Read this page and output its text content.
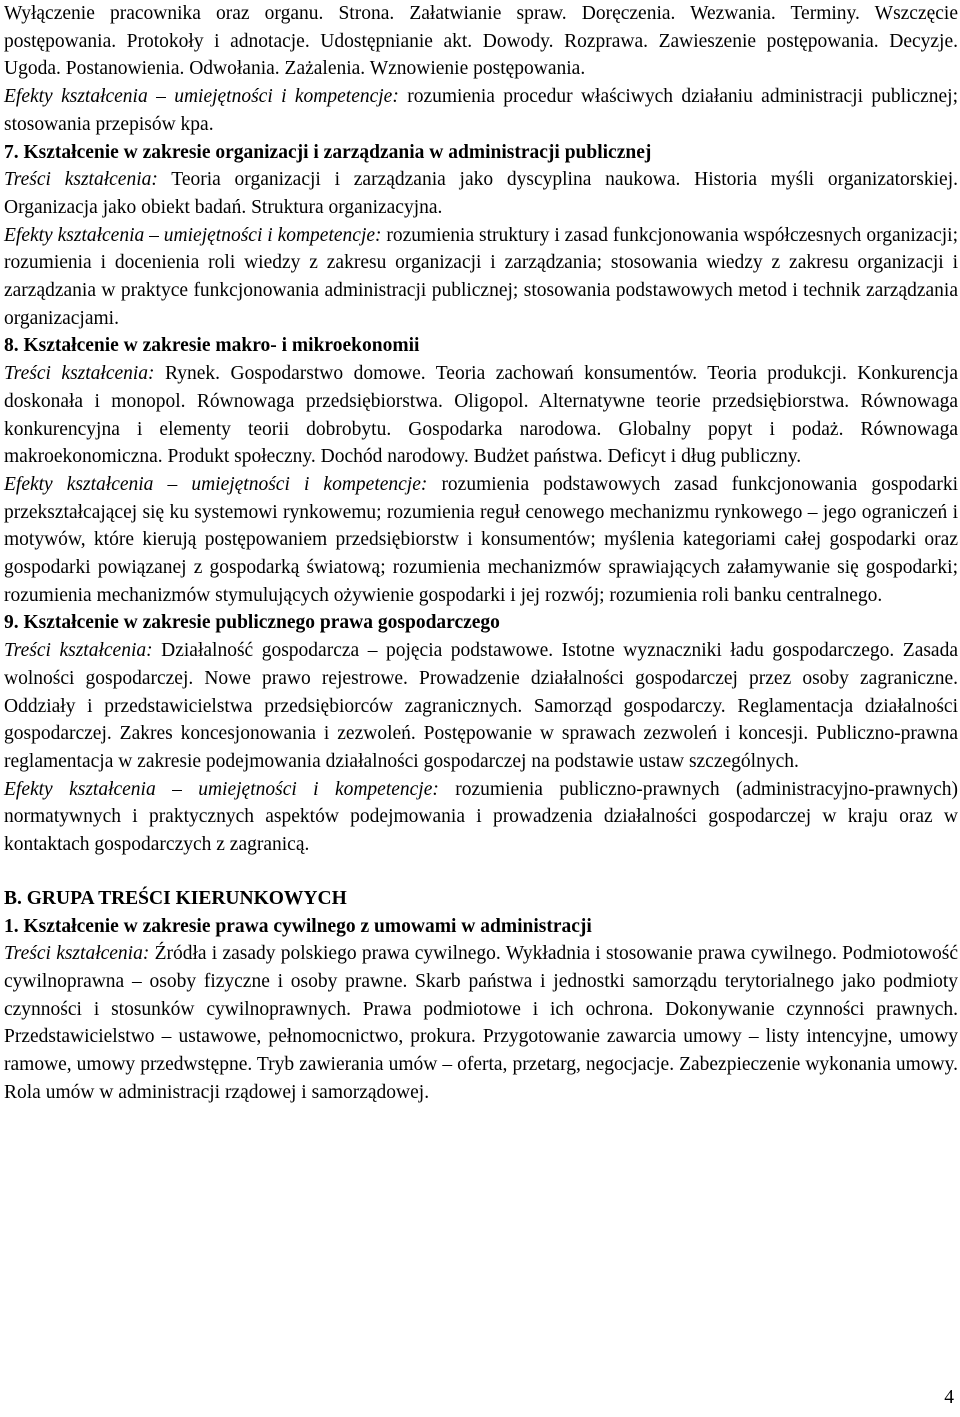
Wyłączenie pracownika oraz organu. Strona. Załatwianie spraw. Doręczenia. Wezwania. Terminy. Wszczęcie postępowania. Protokoły i adnotacje. Udostępnianie akt. Dowody. Rozprawa. Zawieszenie postępowania. Decyzje. Ugoda. Postanowienia. Odwołania. Zażalenia. Wznowienie postępowania.

Efekty kształcenia – umiejętności i kompetencje: rozumienia procedur właściwych działaniu administracji publicznej; stosowania przepisów kpa.

7. Kształcenie w zakresie organizacji i zarządzania w administracji publicznej

Treści kształcenia: Teoria organizacji i zarządzania jako dyscyplina naukowa. Historia myśli organizatorskiej. Organizacja jako obiekt badań. Struktura organizacyjna.

Efekty kształcenia – umiejętności i kompetencje: rozumienia struktury i zasad funkcjonowania współczesnych organizacji; rozumienia i docenienia roli wiedzy z zakresu organizacji i zarządzania; stosowania wiedzy z zakresu organizacji i zarządzania w praktyce funkcjonowania administracji publicznej; stosowania podstawowych metod i technik zarządzania organizacjami.

8. Kształcenie w zakresie makro- i mikroekonomii

Treści kształcenia: Rynek. Gospodarstwo domowe. Teoria zachowań konsumentów. Teoria produkcji. Konkurencja doskonała i monopol. Równowaga przedsiębiorstwa. Oligopol. Alternatywne teorie przedsiębiorstwa. Równowaga konkurencyjna i elementy teorii dobrobytu. Gospodarka narodowa. Globalny popyt i podaż. Równowaga makroekonomiczna. Produkt społeczny. Dochód narodowy. Budżet państwa. Deficyt i dług publiczny.

Efekty kształcenia – umiejętności i kompetencje: rozumienia podstawowych zasad funkcjonowania gospodarki przekształcającej się ku systemowi rynkowemu; rozumienia reguł cenowego mechanizmu rynkowego – jego ograniczeń i motywów, które kierują postępowaniem przedsiębiorstw i konsumentów; myślenia kategoriami całej gospodarki oraz gospodarki powiązanej z gospodarką światową; rozumienia mechanizmów sprawiających załamywanie się gospodarki; rozumienia mechanizmów stymulujących ożywienie gospodarki i jej rozwój; rozumienia roli banku centralnego.

9. Kształcenie w zakresie publicznego prawa gospodarczego

Treści kształcenia: Działalność gospodarcza – pojęcia podstawowe. Istotne wyznaczniki ładu gospodarczego. Zasada wolności gospodarczej. Nowe prawo rejestrowe. Prowadzenie działalności gospodarczej przez osoby zagraniczne. Oddziały i przedstawicielstwa przedsiębiorców zagranicznych. Samorząd gospodarczy. Reglamentacja działalności gospodarczej. Zakres koncesjonowania i zezwoleń. Postępowanie w sprawach zezwoleń i koncesji. Publiczno-prawna reglamentacja w zakresie podejmowania działalności gospodarczej na podstawie ustaw szczególnych.

Efekty kształcenia – umiejętności i kompetencje: rozumienia publiczno-prawnych (administracyjno-prawnych) normatywnych i praktycznych aspektów podejmowania i prowadzenia działalności gospodarczej w kraju oraz w kontaktach gospodarczych z zagranicą.

B. GRUPA TREŚCI KIERUNKOWYCH

1. Kształcenie w zakresie prawa cywilnego z umowami w administracji

Treści kształcenia: Źródła i zasady polskiego prawa cywilnego. Wykładnia i stosowanie prawa cywilnego. Podmiotowość cywilnoprawna – osoby fizyczne i osoby prawne. Skarb państwa i jednostki samorządu terytorialnego jako podmioty czynności i stosunków cywilnoprawnych. Prawa podmiotowe i ich ochrona. Dokonywanie czynności prawnych. Przedstawicielstwo – ustawowe, pełnomocnictwo, prokura. Przygotowanie zawarcia umowy – listy intencyjne, umowy ramowe, umowy przedwstępne. Tryb zawierania umów – oferta, przetarg, negocjacje. Zabezpieczenie wykonania umowy. Rola umów w administracji rządowej i samorządowej.

4
